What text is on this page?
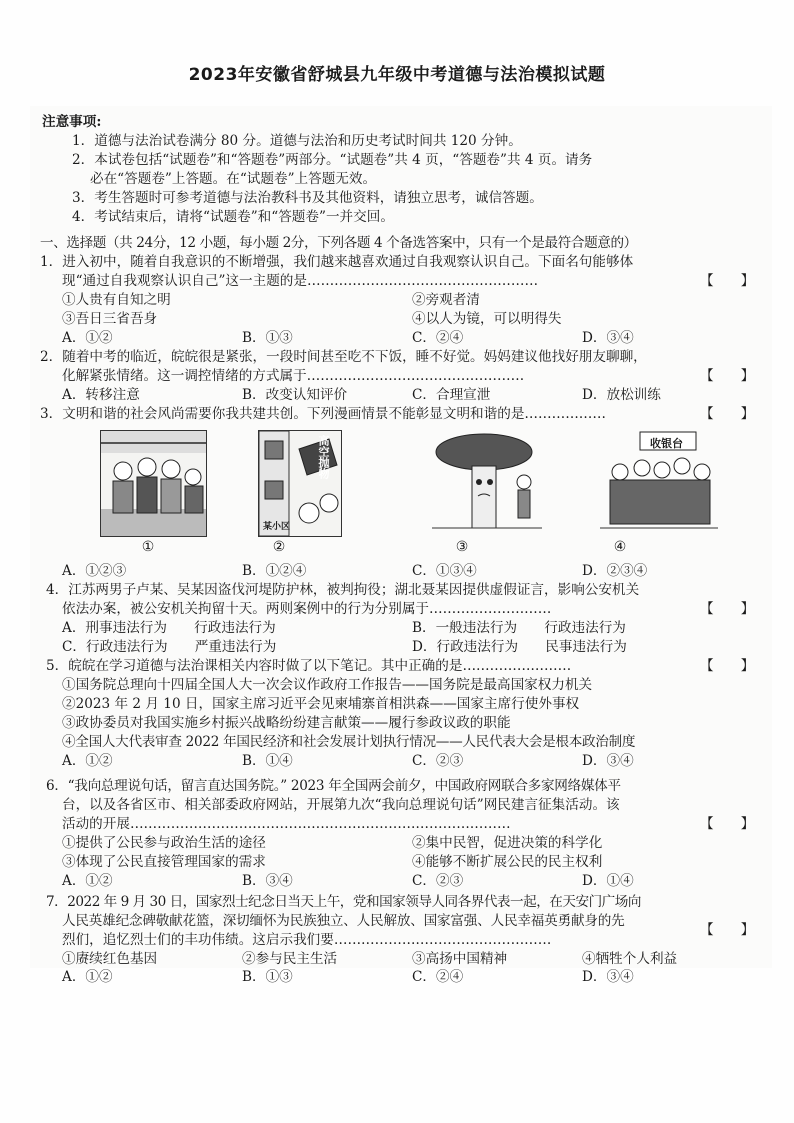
2023年安徽省舒城县九年级中考道德与法治模拟试题
注意事项:
1．道德与法治试卷满分 80 分。道德与法治和历史考试时间共 120 分钟。
2．本试卷包括“试题卷”和“答题卷”两部分。“试题卷”共 4 页，“答题卷”共 4 页。请务
必在“答题卷”上答题。在“试题卷”上答题无效。
3．考生答题时可参考道德与法治教科书及其他资料，请独立思考，诚信答题。
4．考试结束后，请将“试题卷”和“答题卷”一并交回。
一、选择题（共 24分，12 小题，每小题 2分，下列各题 4 个备选答案中，只有一个是最符合题意的）
1．进入初中，随着自我意识的不断增强，我们越来越喜欢通过自我观察认识自己。下面名句能够体
现“通过自我观察认识自己”这一主题的是……………………………………………	【　　】
①人贵有自知之明	②旁观者清
③吾日三省吾身	④以人为镜，可以明得失
A．①②	B．①③	C．②④	D．③④
2．随着中考的临近，皖皖很是紧张，一段时间甚至吃不下饭，睡不好觉。妈妈建议他找好朋友聊聊，
化解紧张情绪。这一调控情绪的方式属于…………………………………………	【　　】
A．转移注意	B．改变认知评价	C．合理宣泄	D．放松训练
3．文明和谐的社会风尚需要你我共建共创。下列漫画情景不能彰显文明和谐的是………………	【　　】
①
高空抛物
某小区
②	③
收银台
④
A．①②③	B．①②④	C．①③④	D．②③④
4．江苏两男子卢某、吴某因盗伐河堤防护林，被判拘役；湖北聂某因提供虚假证言，影响公安机关
依法办案，被公安机关拘留十天。两则案例中的行为分别属于………………………	【　　】
A．刑事违法行为　　行政违法行为	B．一般违法行为　　行政违法行为
C．行政违法行为　　严重违法行为	D．行政违法行为　　民事违法行为
5．皖皖在学习道德与法治课相关内容时做了以下笔记。其中正确的是……………………	【　　】
①国务院总理向十四届全国人大一次会议作政府工作报告——国务院是最高国家权力机关
②2023 年 2 月 10 日，国家主席习近平会见柬埔寨首相洪森——国家主席行使外事权
③政协委员对我国实施乡村振兴战略纷纷建言献策——履行参政议政的职能
④全国人大代表审查 2022 年国民经济和社会发展计划执行情况——人民代表大会是根本政治制度
A．①②	B．①④	C．②③	D．③④
6．“我向总理说句话，留言直达国务院。” 2023 年全国两会前夕，中国政府网联合多家网络媒体平
台，以及各省区市、相关部委政府网站，开展第九次“我向总理说句话”网民建言征集活动。该
活动的开展…………………………………………………………………………	【　　】
①提供了公民参与政治生活的途径	②集中民智，促进决策的科学化
③体现了公民直接管理国家的需求	④能够不断扩展公民的民主权利
A．①②	B．③④	C．②③	D．①④
7．2022 年 9 月 30 日，国家烈士纪念日当天上午，党和国家领导人同各界代表一起，在天安门广场向
人民英雄纪念碑敬献花篮，深切缅怀为民族独立、人民解放、国家富强、人民幸福英勇献身的先
烈们，追忆烈士们的丰功伟绩。这启示我们要…………………………………………
【　　】
①赓续红色基因	②参与民主生活	③高扬中国精神	④牺牲个人利益
A．①②	B．①③	C．②④	D．③④
